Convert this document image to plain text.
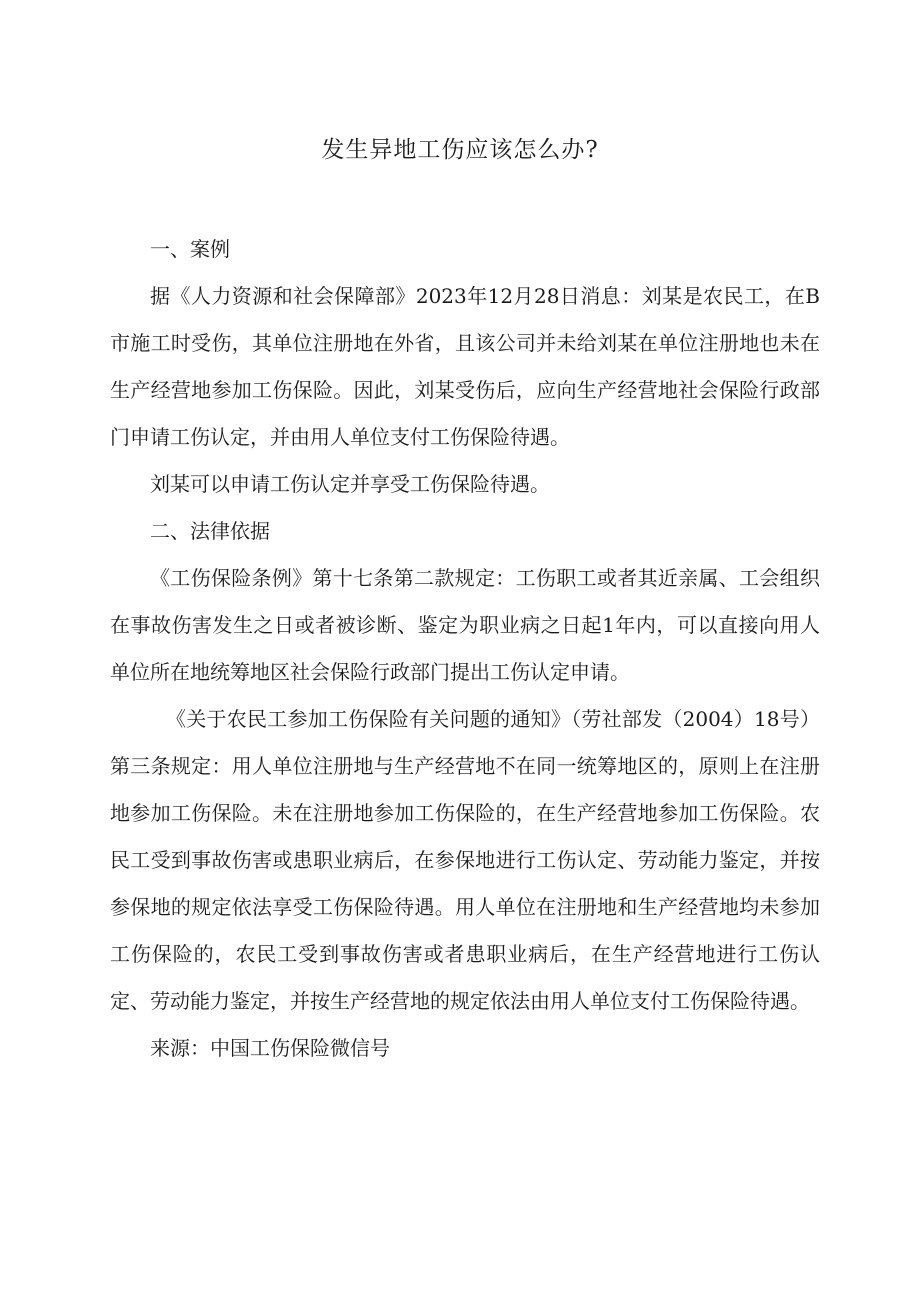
发生异地工伤应该怎么办?

一、案例

据《人力资源和社会保障部》2023年12月28日消息：刘某是农民工，在B市施工时受伤，其单位注册地在外省，且该公司并未给刘某在单位注册地也未在生产经营地参加工伤保险。因此，刘某受伤后，应向生产经营地社会保险行政部门申请工伤认定，并由用人单位支付工伤保险待遇。

刘某可以申请工伤认定并享受工伤保险待遇。

二、法律依据

《工伤保险条例》第十七条第二款规定：工伤职工或者其近亲属、工会组织在事故伤害发生之日或者被诊断、鉴定为职业病之日起1年内，可以直接向用人单位所在地统筹地区社会保险行政部门提出工伤认定申请。

《关于农民工参加工伤保险有关问题的通知》（劳社部发（2004）18号）第三条规定：用人单位注册地与生产经营地不在同一统筹地区的，原则上在注册地参加工伤保险。未在注册地参加工伤保险的，在生产经营地参加工伤保险。农民工受到事故伤害或患职业病后，在参保地进行工伤认定、劳动能力鉴定，并按参保地的规定依法享受工伤保险待遇。用人单位在注册地和生产经营地均未参加工伤保险的，农民工受到事故伤害或者患职业病后，在生产经营地进行工伤认定、劳动能力鉴定，并按生产经营地的规定依法由用人单位支付工伤保险待遇。

来源：中国工伤保险微信号
